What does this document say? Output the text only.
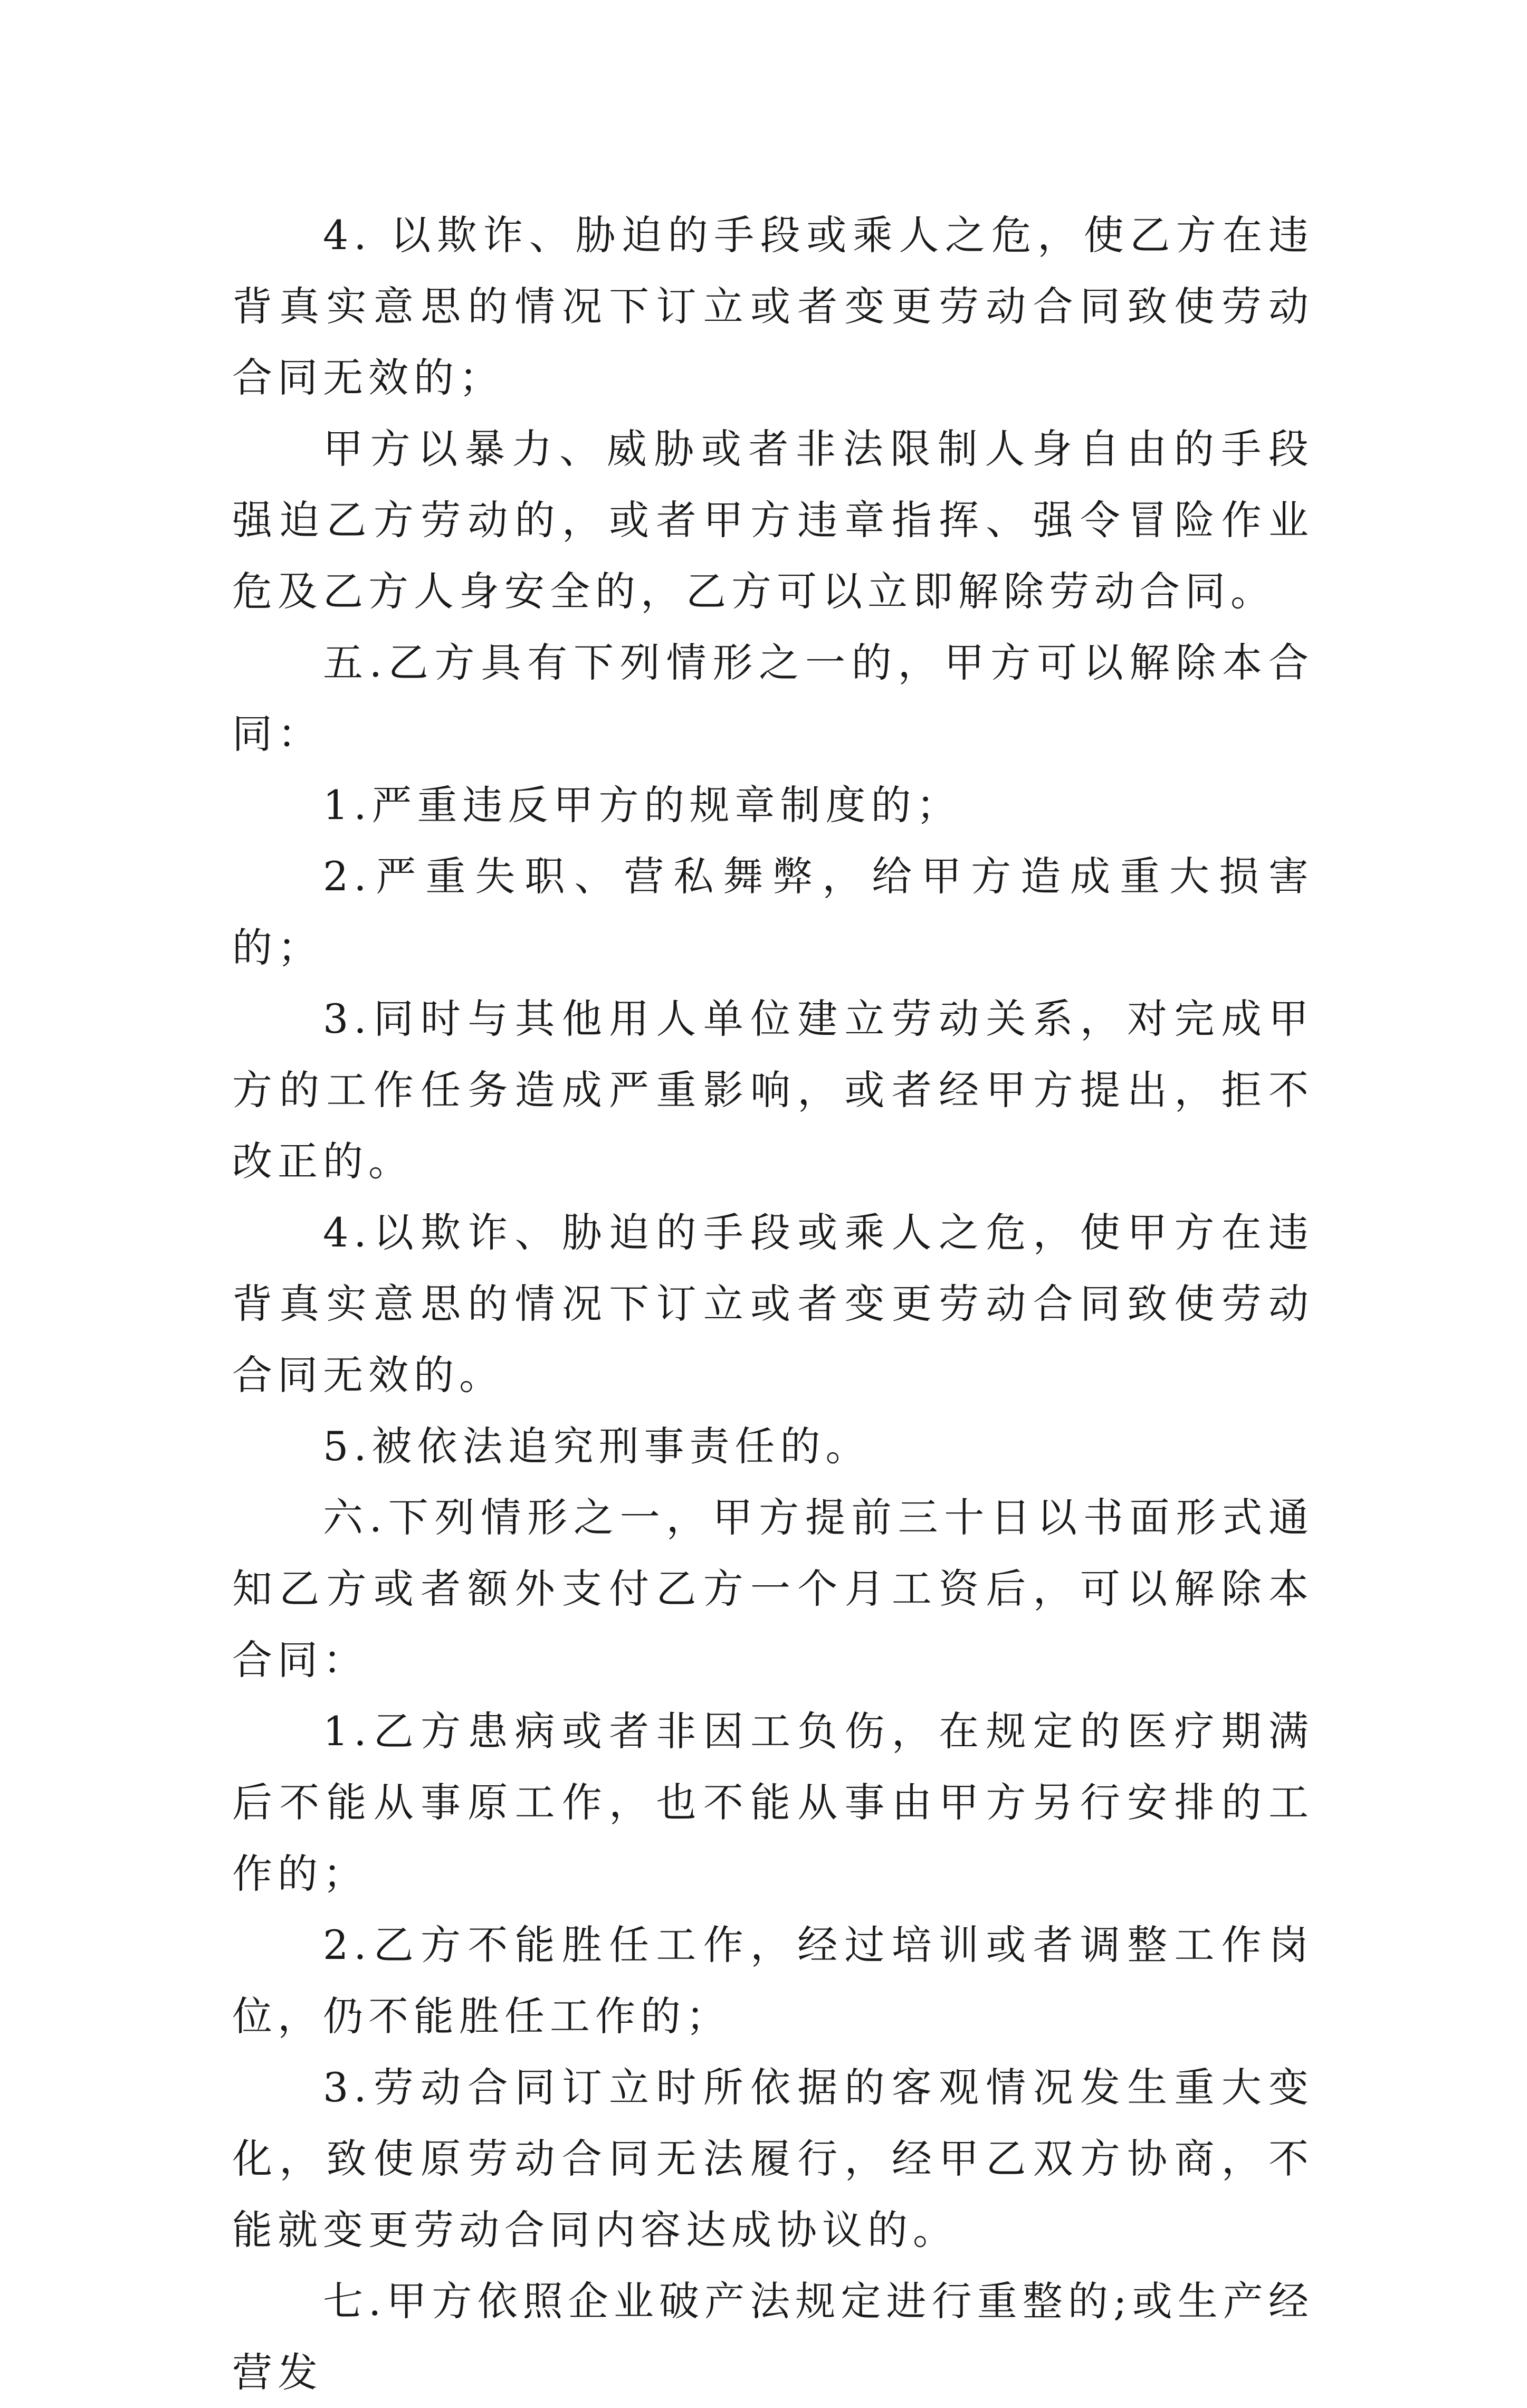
4. 以欺诈、胁迫的手段或乘人之危，使乙方在违背真实意思的情况下订立或者变更劳动合同致使劳动合同无效的；

甲方以暴力、威胁或者非法限制人身自由的手段强迫乙方劳动的，或者甲方违章指挥、强令冒险作业危及乙方人身安全的，乙方可以立即解除劳动合同。

五.乙方具有下列情形之一的，甲方可以解除本合同：

1.严重违反甲方的规章制度的；

2.严重失职、营私舞弊，给甲方造成重大损害的；

3.同时与其他用人单位建立劳动关系，对完成甲方的工作任务造成严重影响，或者经甲方提出，拒不改正的。

4.以欺诈、胁迫的手段或乘人之危，使甲方在违背真实意思的情况下订立或者变更劳动合同致使劳动合同无效的。

5.被依法追究刑事责任的。

六.下列情形之一，甲方提前三十日以书面形式通知乙方或者额外支付乙方一个月工资后，可以解除本合同：

1.乙方患病或者非因工负伤，在规定的医疗期满后不能从事原工作，也不能从事由甲方另行安排的工作的；

2.乙方不能胜任工作，经过培训或者调整工作岗位，仍不能胜任工作的；

3.劳动合同订立时所依据的客观情况发生重大变化，致使原劳动合同无法履行，经甲乙双方协商，不能就变更劳动合同内容达成协议的。

七.甲方依照企业破产法规定进行重整的;或生产经营发
